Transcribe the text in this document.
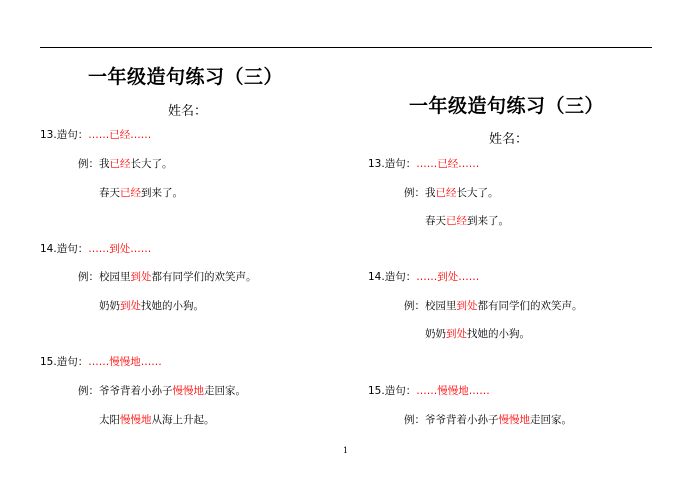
一年级造句练习（三）
姓名：
13.造句：……已经……
例：我已经长大了。
春天已经到来了。
14.造句：……到处……
例：校园里到处都有同学们的欢笑声。
奶奶到处找她的小狗。
15.造句：……慢慢地……
例：爷爷背着小孙子慢慢地走回家。
太阳慢慢地从海上升起。
一年级造句练习（三）
姓名：
13.造句：……已经……
例：我已经长大了。
春天已经到来了。
14.造句：……到处……
例：校园里到处都有同学们的欢笑声。
奶奶到处找她的小狗。
15.造句：……慢慢地……
例：爷爷背着小孙子慢慢地走回家。
1
